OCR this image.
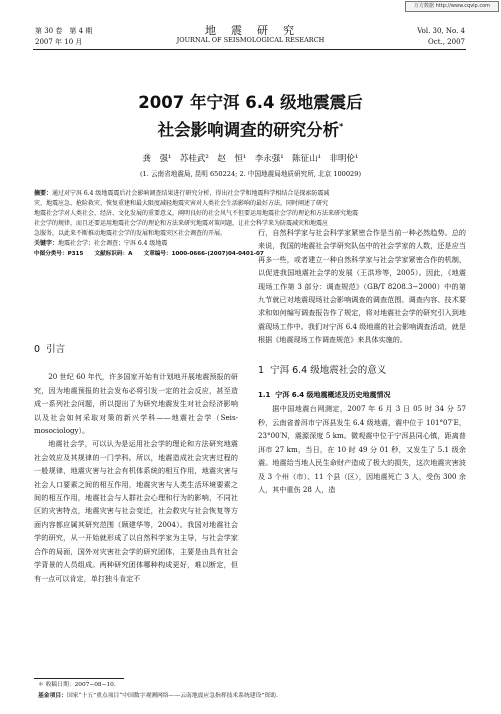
万方数据 http://www.cqvip.com
第 30 卷　第 4 期
2007 年 10 月
地　震　研　究
JOURNAL OF SEISMOLOGICAL RESEARCH
Vol. 30, No. 4
Oct., 2007
2007 年宁洱 6.4 级地震震后
社会影响调查的研究分析*
龚　强¹　苏桂武²　赵　恒¹　李永强¹　陈征山¹　非明伦¹
(1. 云南省地震局, 昆明 650224; 2. 中国地震局地质研究所, 北京 100029)
摘要：通过对宁洱 6.4 级地震震后社会影响调查结果进行研究分析，得出社会学和地震科学相结合是探索防震减
灾、地震应急、抢险救灾、恢复重建和最大限度减轻地震灾害对人类社会生活影响的最好方法，同时阐述了研究
地震社会学对人类社会、经济、文化发展的重要意义，阐明良好的社会风气不但要运用地震社会学的理论和方法来研究地震
社会学的规律，而且还要运用地震社会学的理论和方法来研究地震对策问题，让社会科学来为防震减灾和地震应
急服务，以此来不断推动地震社会学的发展和地震灾区社会调查的开展。
关键字：地震社会学；社会调查；宁洱 6.4 级地震
中图分类号：P315　　文献标识码：A　　文章编号：1000-0666-(2007)04-0401-07
0 引言

20 世纪 60 年代，许多国家开始有计划地开展地震预报的研究，因为地震预报的社会发布必将引发一定的社会反应，甚至造成一系列社会问题，所以提出了为研究地震发生对社会经济影响以及社会如何采取对策的新兴学科——地震社会学（Seis-mosociology）。

地震社会学，可以认为是运用社会学的理论和方法研究地震社会效应及其规律的一门学科。所以，地震造成社会灾害过程的一般规律，地震灾害与社会有机体系统的相互作用，地震灾害与社会人口要素之间的相互作用，地震灾害与人类生活环境要素之间的相互作用，地震社会与人群社会心理和行为的影响，不同社区的灾害特点，地震灾害与社会变迁，社会救灾与社会恢复等方面内容都应属其研究范围（顾建华等，2004）。我国对地震社会学的研究，从一开始就形成了以自然科学家为主导，与社会学家合作的局面，国外对灾害社会学的研究团体，主要是由具有社会学背景的人员组成。两种研究团体哪种构成更好，难以断定，但有一点可以肯定，单打独斗肯定不

行，自然科学家与社会科学家紧密合作是当前一种必然趋势。总的来说，我国的地震社会学研究队伍中的社会学家的人数，还是应当再多一些，或者建立一种自然科学家与社会学家紧密合作的机制，以促进我国地震社会学的发展（王洪珍等，2005）。因此，《地震现场工作第 3 部分：调查规范》（GB/T 8208.3−2000）中的第九节就已对地震现场社会影响调查的调查范围、调查内容、技术要求和如何编写调查报告作了规定，将对地震社会学的研究引入到地震现场工作中。我们对宁洱 6.4 级地震的社会影响调查活动，就是根据《地震现场工作调查规范》来具体实施的。

1 宁洱 6.4 级地震社会的意义
1.1 宁洱 6.4 级地震概述及历史地震情况

据中国地震台网测定，2007 年 6 月 3 日 05 时 34 分 57 秒，云南省普洱市宁洱县发生 6.4 级地震，震中位于 101°07′E，23°00′N，震源深度 5 km。微观震中位于宁洱县同心镇，距离普洱市 27 km，当日，在 10 时 49 分 01 秒，又发生了 5.1 级余震。地震给当地人民生命财产造成了极大的损失，这次地震灾害波及 3 个州（市）、11 个县（区），因地震死亡 3 人，受伤 300 余人，其中重伤 28 人，造

＊ 收稿日期：2007−08−10.
基金项目：国家“十五”重点项目“中国数字观测网络——云南地震应急指挥技术系统建设”资助.
